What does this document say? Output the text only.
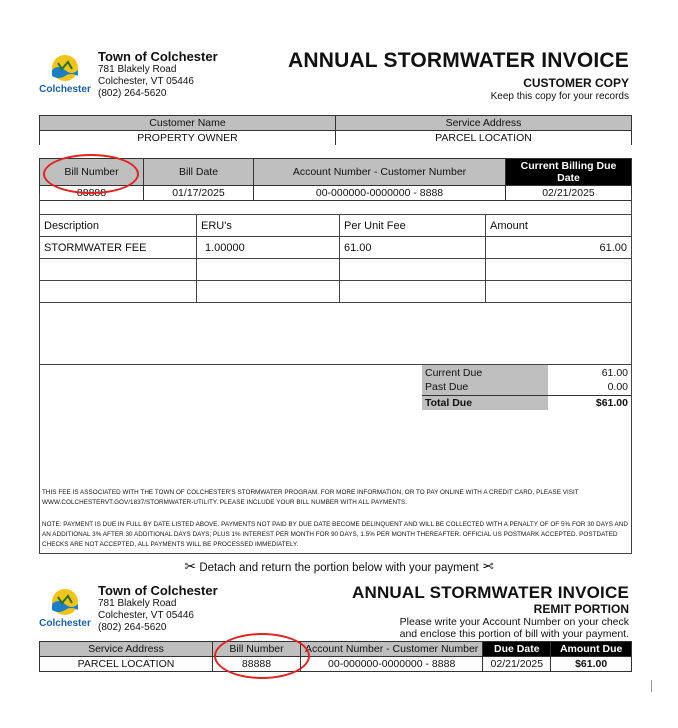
Colchester
Town of Colchester
781 Blakely Road
Colchester, VT 05446
(802) 264-5620
ANNUAL STORMWATER INVOICE
CUSTOMER COPY
Keep this copy for your records
Customer Name	Service Address
PROPERTY OWNER	PARCEL LOCATION
Bill Number	Bill Date	Account Number - Customer Number	Current Billing Due Date
88888	01/17/2025	00-000000-0000000 - 8888	02/21/2025
Description	ERU's	Per Unit Fee	Amount
STORMWATER FEE	1.00000	61.00	61.00

Current Due	61.00
Past Due	0.00
Total Due	$61.00
THIS FEE IS ASSOCIATED WITH THE TOWN OF COLCHESTER'S STORMWATER PROGRAM. FOR MORE INFORMATION, OR TO PAY ONLINE WITH A CREDIT CARD, PLEASE VISIT WWW.COLCHESTERVT.GOV/1837/STORMWATER-UTILITY. PLEASE INCLUDE YOUR BILL NUMBER WITH ALL PAYMENTS.
NOTE: PAYMENT IS DUE IN FULL BY DATE LISTED ABOVE. PAYMENTS NOT PAID BY DUE DATE BECOME DELINQUENT AND WILL BE COLLECTED WITH A PENALTY OF OF 5% FOR 30 DAYS AND AN ADDITIONAL 3% AFTER 30 ADDITIONAL DAYS DAYS; PLUS 1% INTEREST PER MONTH FOR 90 DAYS, 1.5% PER MONTH THEREAFTER. OFFICIAL US POSTMARK ACCEPTED. POSTDATED CHECKS ARE NOT ACCEPTED, ALL PAYMENTS WILL BE PROCESSED IMMEDIATELY.
✂ Detach and return the portion below with your payment ✂
Colchester
Town of Colchester
781 Blakely Road
Colchester, VT 05446
(802) 264-5620
ANNUAL STORMWATER INVOICE
REMIT PORTION
Please write your Account Number on your check
and enclose this portion of bill with your payment.
Service Address	Bill Number	Account Number - Customer Number	Due Date	Amount Due
PARCEL LOCATION	88888	00-000000-0000000 - 8888	02/21/2025	$61.00
